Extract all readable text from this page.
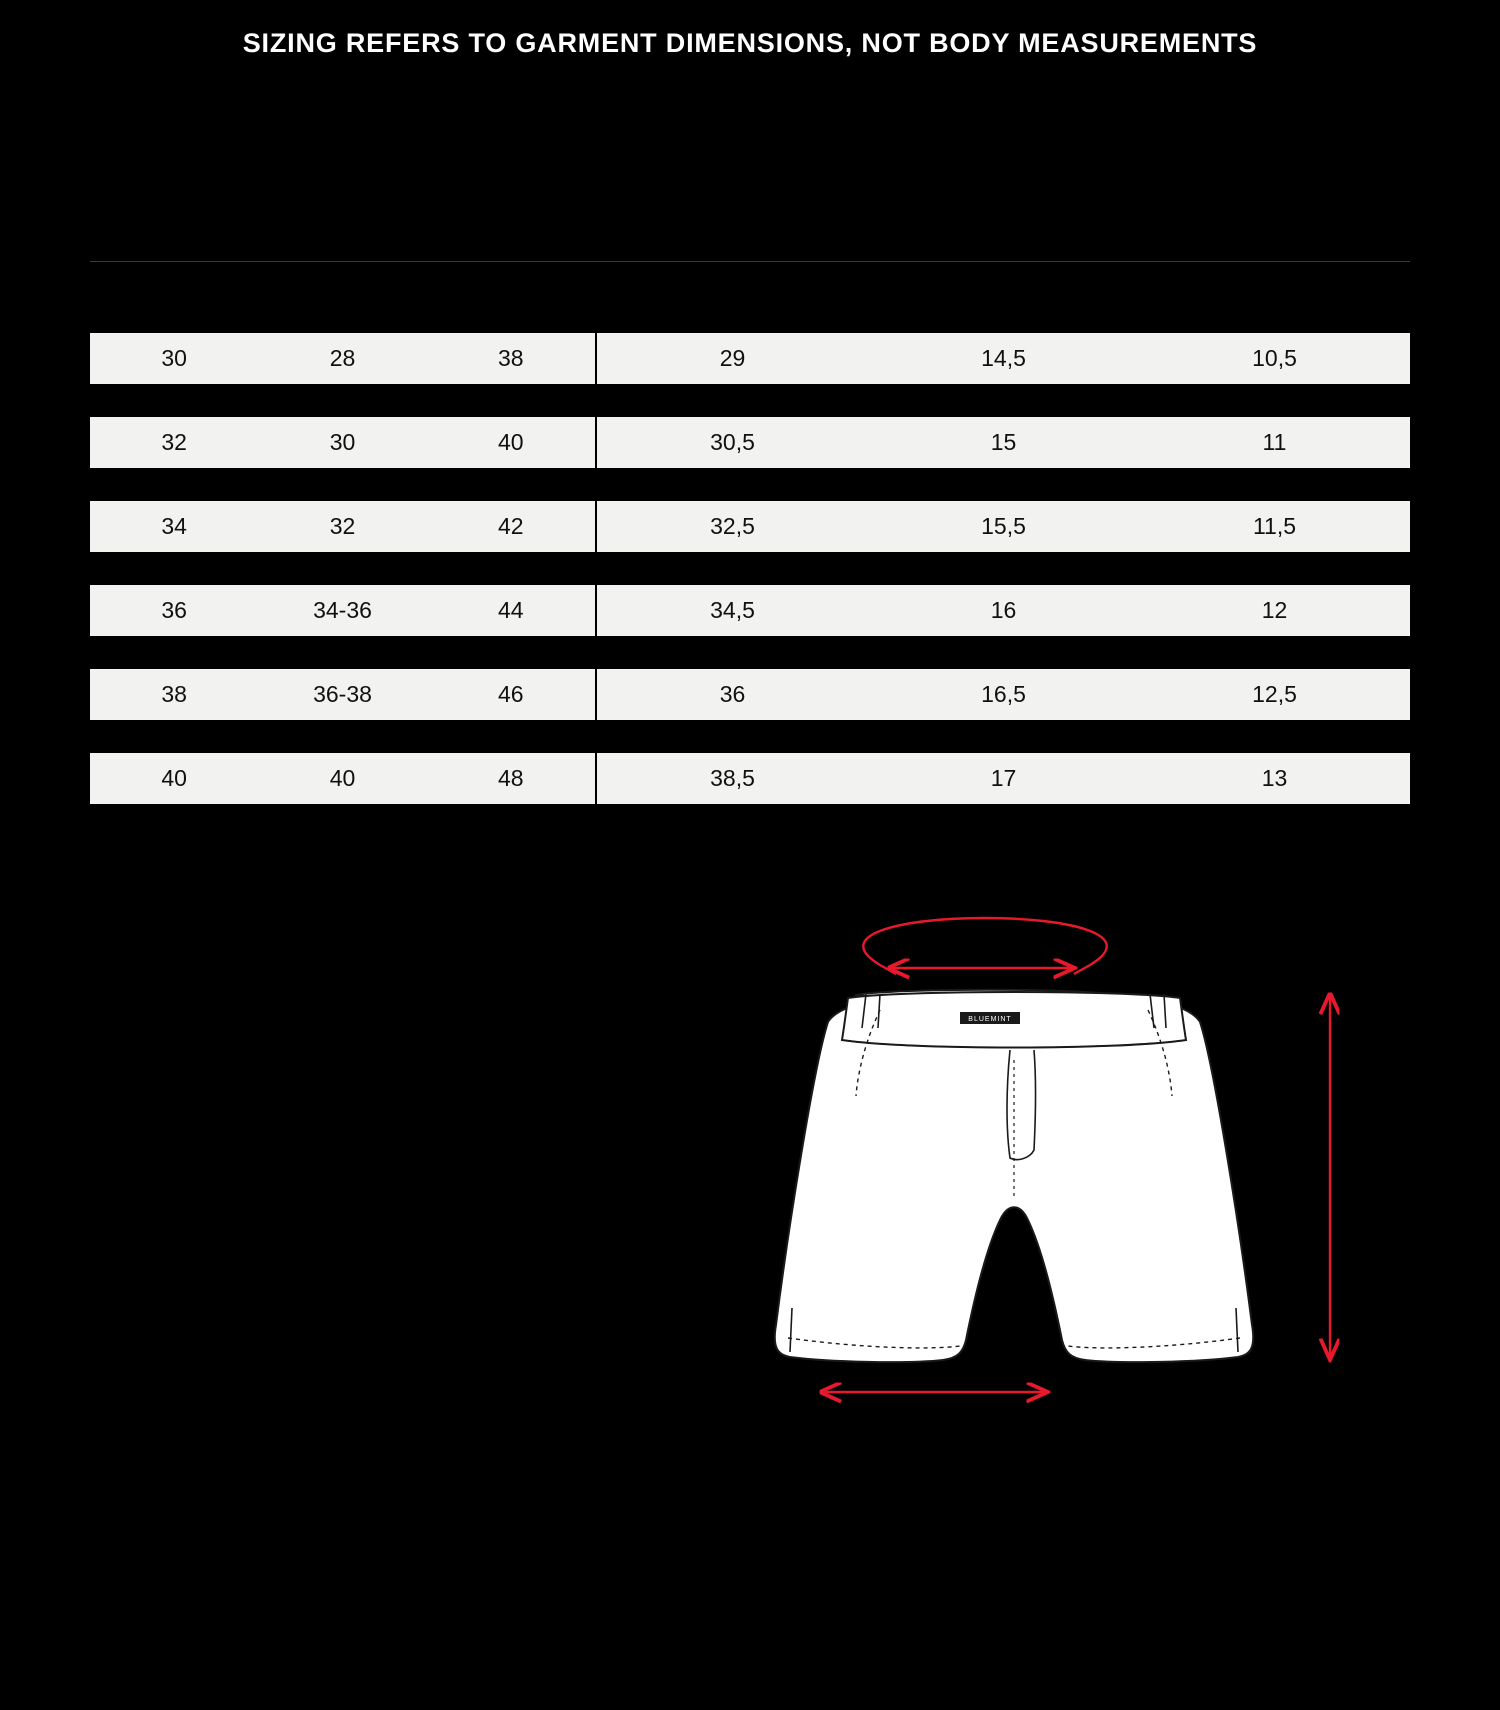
SIZING REFERS TO GARMENT DIMENSIONS, NOT BODY MEASUREMENTS
30	28	38	29	14,5	10,5
32	30	40	30,5	15	11
34	32	42	32,5	15,5	11,5
36	34-36	44	34,5	16	12
38	36-38	46	36	16,5	12,5
40	40	48	38,5	17	13
BLUEMINT
